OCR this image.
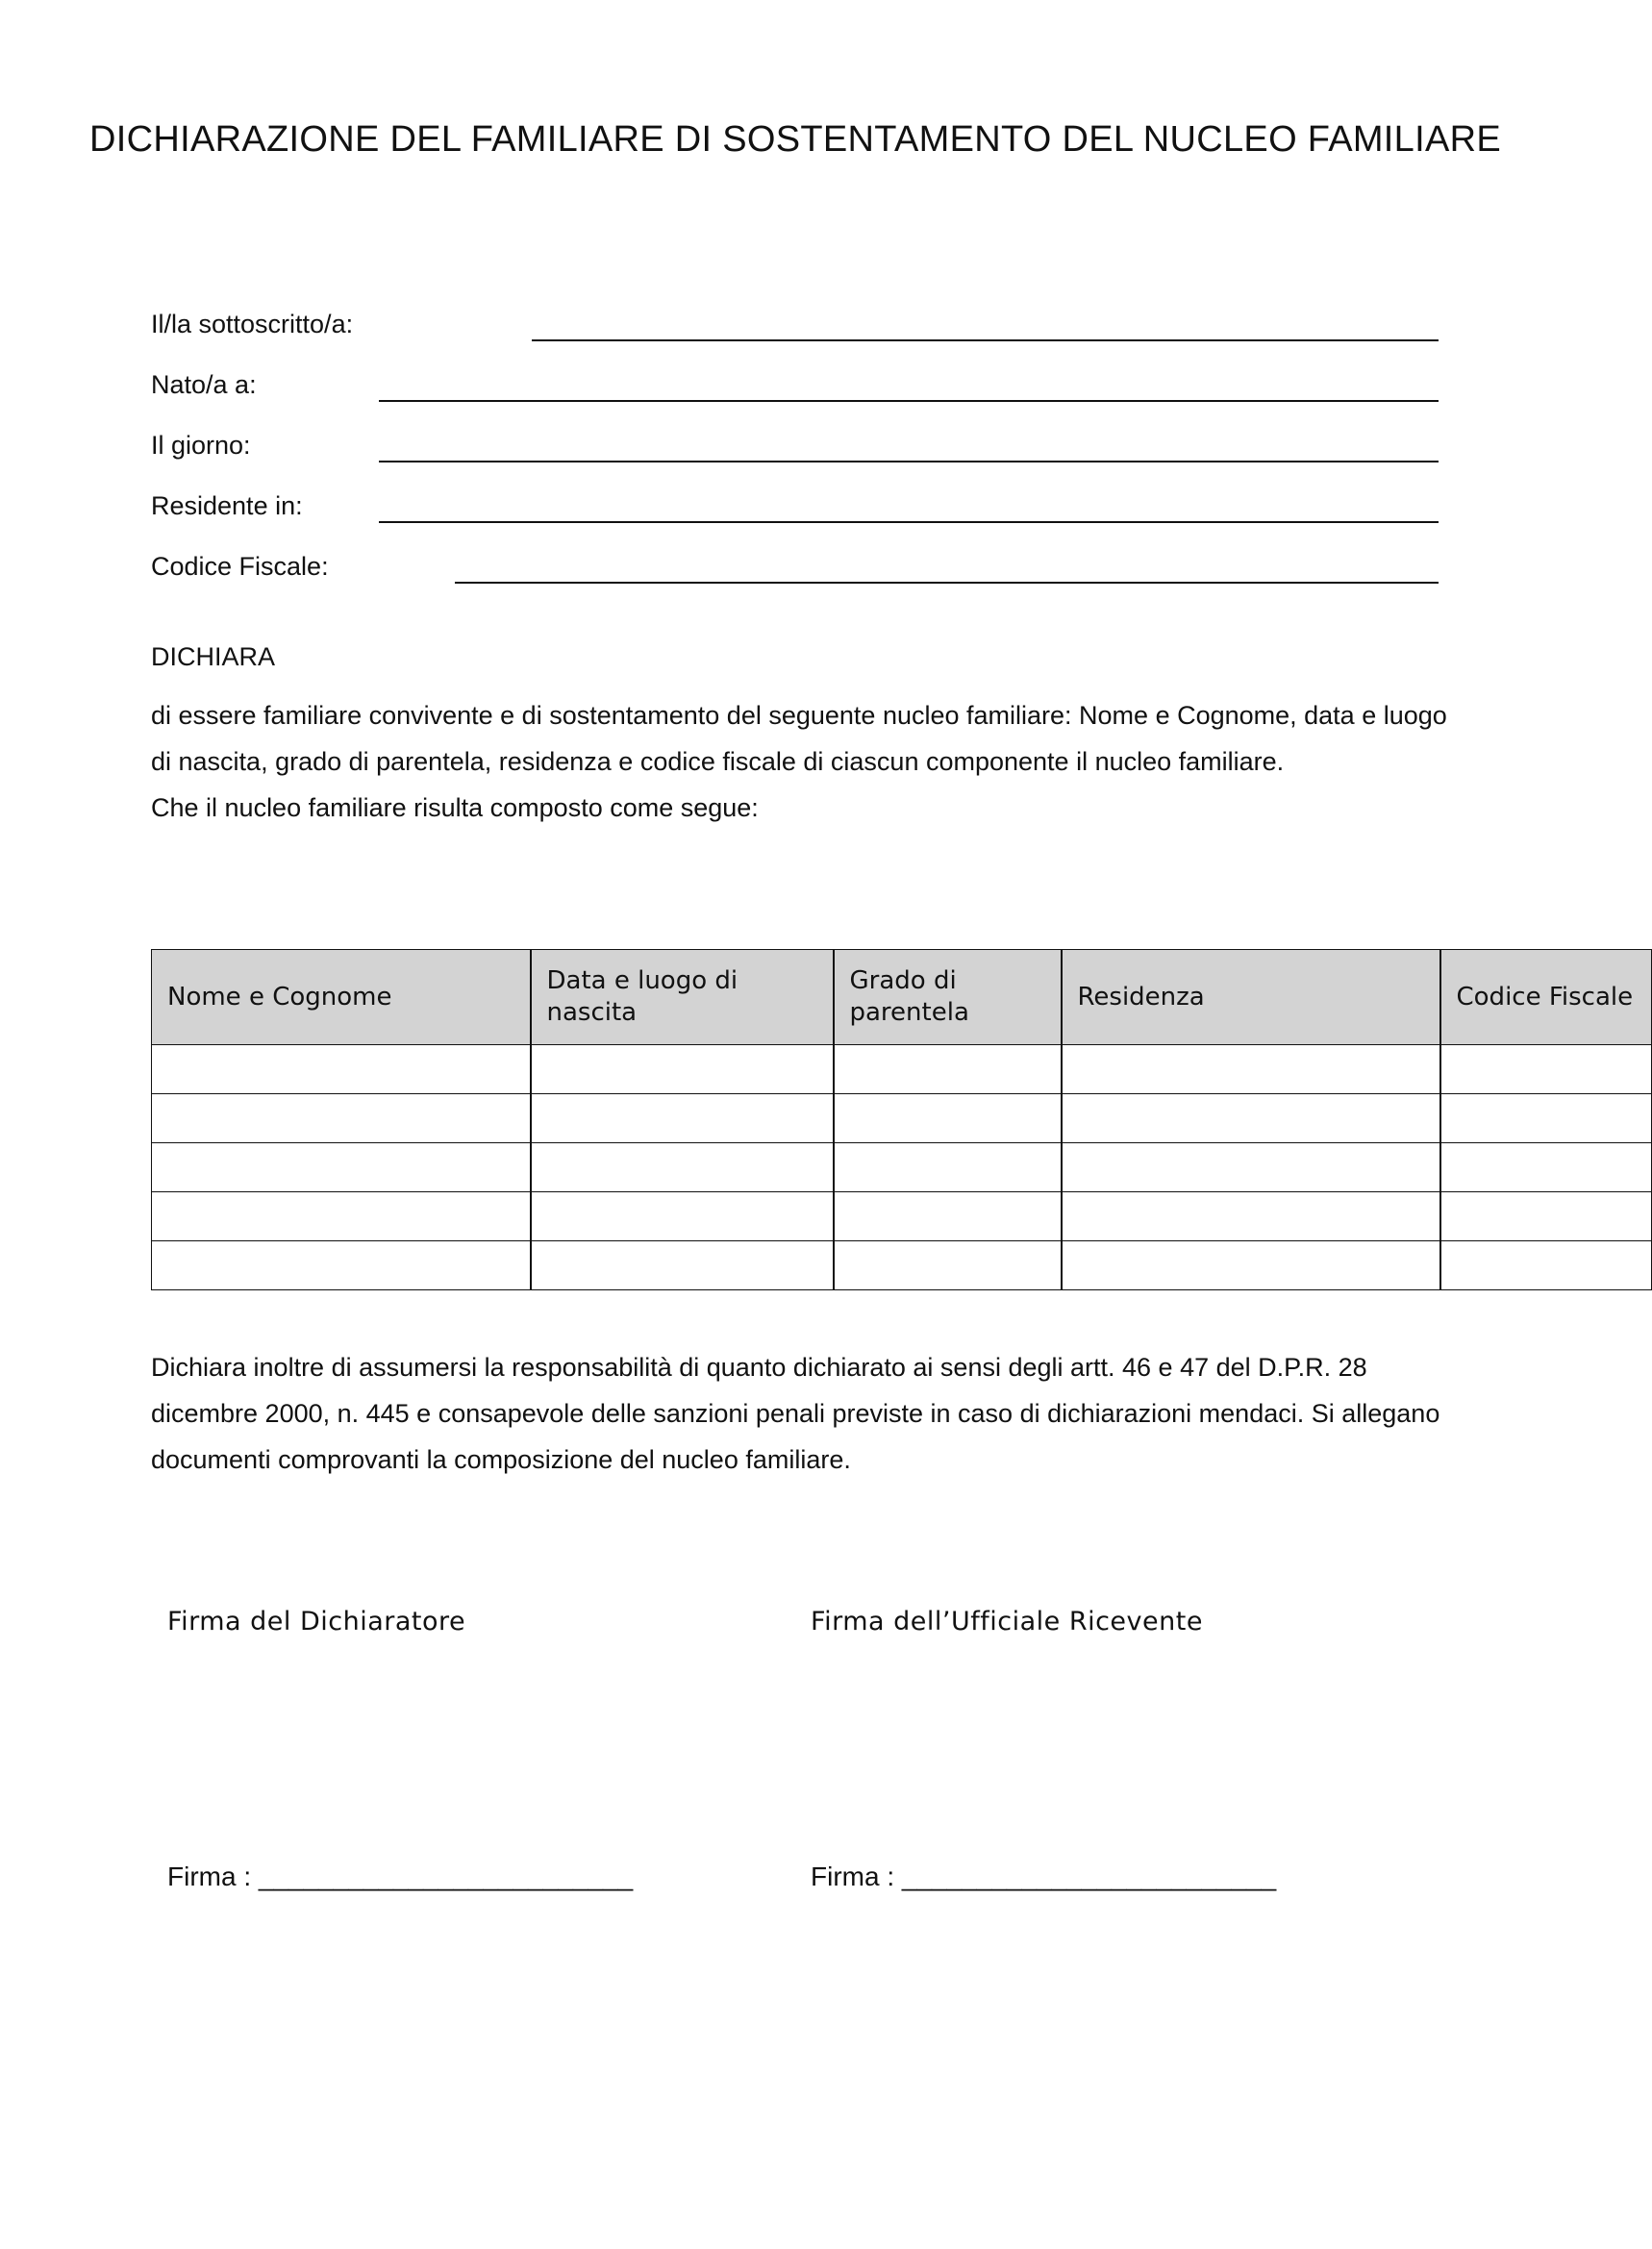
DICHIARAZIONE DEL FAMILIARE DI SOSTENTAMENTO DEL NUCLEO FAMILIARE
Il/la sottoscritto/a:
Nato/a a:
Il giorno:
Residente in:
Codice Fiscale:
DICHIARA

di essere familiare convivente e di sostentamento del seguente nucleo familiare: Nome e Cognome, data e luogo di nascita, grado di parentela, residenza e codice fiscale di ciascun componente il nucleo familiare.

Che il nucleo familiare risulta composto come segue:

Nome e Cognome	Data e luogo di nascita	Grado di parentela	Residenza	Codice Fiscale

Dichiara inoltre di assumersi la responsabilità di quanto dichiarato ai sensi degli artt. 46 e 47 del D.P.R. 28 dicembre 2000, n. 445 e consapevole delle sanzioni penali previste in caso di dichiarazioni mendaci. Si allegano documenti comprovanti la composizione del nucleo familiare.

Firma del Dichiaratore	Firma dell’Ufficiale Ricevente
Firma : _________________________	Firma : _________________________
